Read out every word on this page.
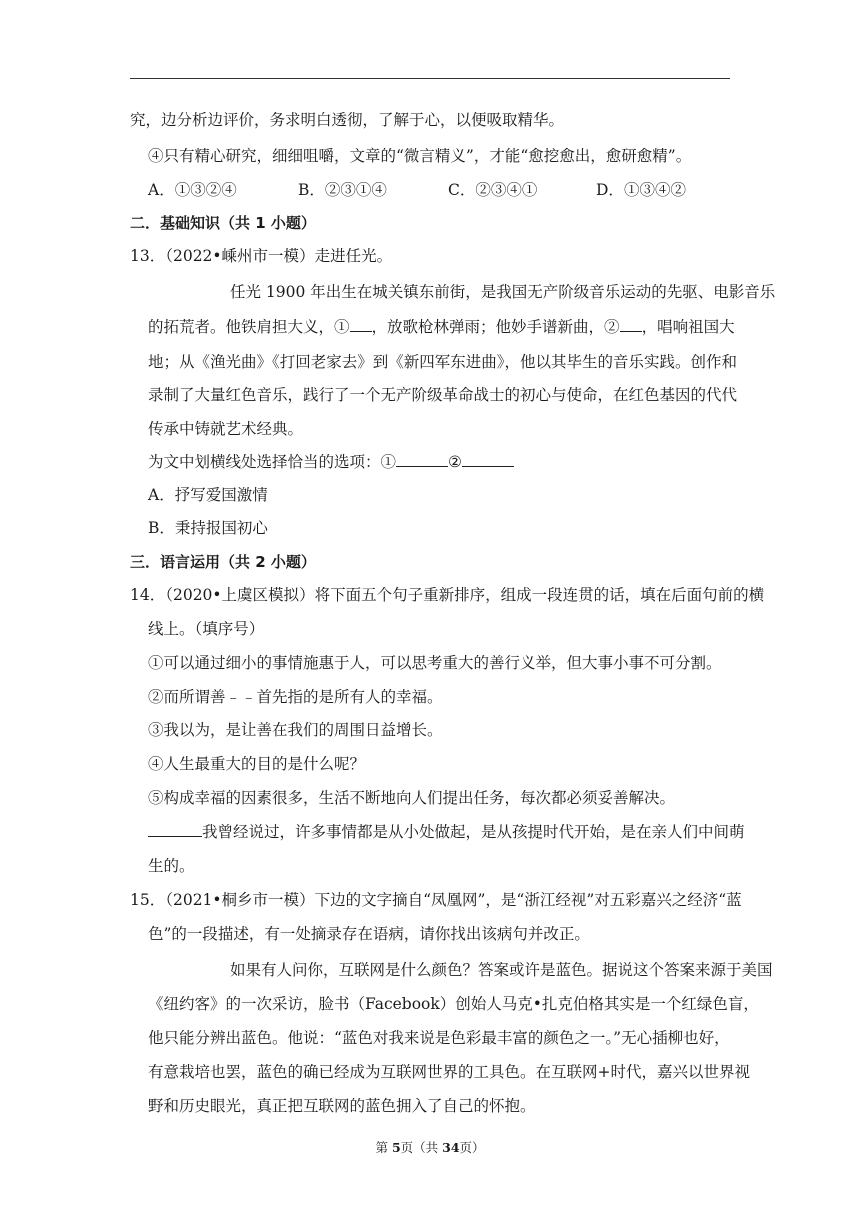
究，边分析边评价，务求明白透彻，了解于心，以便吸取精华。
④只有精心研究，细细咀嚼，文章的“微言精义”，才能“愈挖愈出，愈研愈精”。
A．①③②④	B．②③①④	C．②③④①	D．①③④②
二．基础知识（共 1 小题）
13．（2022•嵊州市一模）走进任光。
任光 1900 年出生在城关镇东前街，是我国无产阶级音乐运动的先驱、电影音乐
的拓荒者。他铁肩担大义，① ，放歌枪林弹雨；他妙手谱新曲，② ，唱响祖国大
地；从《渔光曲》《打回老家去》到《新四军东进曲》，他以其毕生的音乐实践。创作和
录制了大量红色音乐，践行了一个无产阶级革命战士的初心与使命，在红色基因的代代
传承中铸就艺术经典。
为文中划横线处选择恰当的选项：①	②
A．抒写爱国激情
B．秉持报国初心
三．语言运用（共 2 小题）
14．（2020•上虞区模拟）将下面五个句子重新排序，组成一段连贯的话，填在后面句前的横
线上。（填序号）
①可以通过细小的事情施惠于人，可以思考重大的善行义举，但大事小事不可分割。
②而所谓善﹣﹣首先指的是所有人的幸福。
③我以为，是让善在我们的周围日益增长。
④人生最重大的目的是什么呢？
⑤构成幸福的因素很多，生活不断地向人们提出任务，每次都必须妥善解决。
我曾经说过，许多事情都是从小处做起，是从孩提时代开始，是在亲人们中间萌
生的。
15．（2021•桐乡市一模）下边的文字摘自“凤凰网”，是“浙江经视”对五彩嘉兴之经济“蓝
色”的一段描述，有一处摘录存在语病，请你找出该病句并改正。
如果有人问你，互联网是什么颜色？答案或许是蓝色。据说这个答案来源于美国
《纽约客》的一次采访，脸书（Facebook）创始人马克•扎克伯格其实是一个红绿色盲，
他只能分辨出蓝色。他说：“蓝色对我来说是色彩最丰富的颜色之一。”无心插柳也好，
有意栽培也罢，蓝色的确已经成为互联网世界的工具色。在互联网+时代，嘉兴以世界视
野和历史眼光，真正把互联网的蓝色拥入了自己的怀抱。
第 5页（共 34页）
